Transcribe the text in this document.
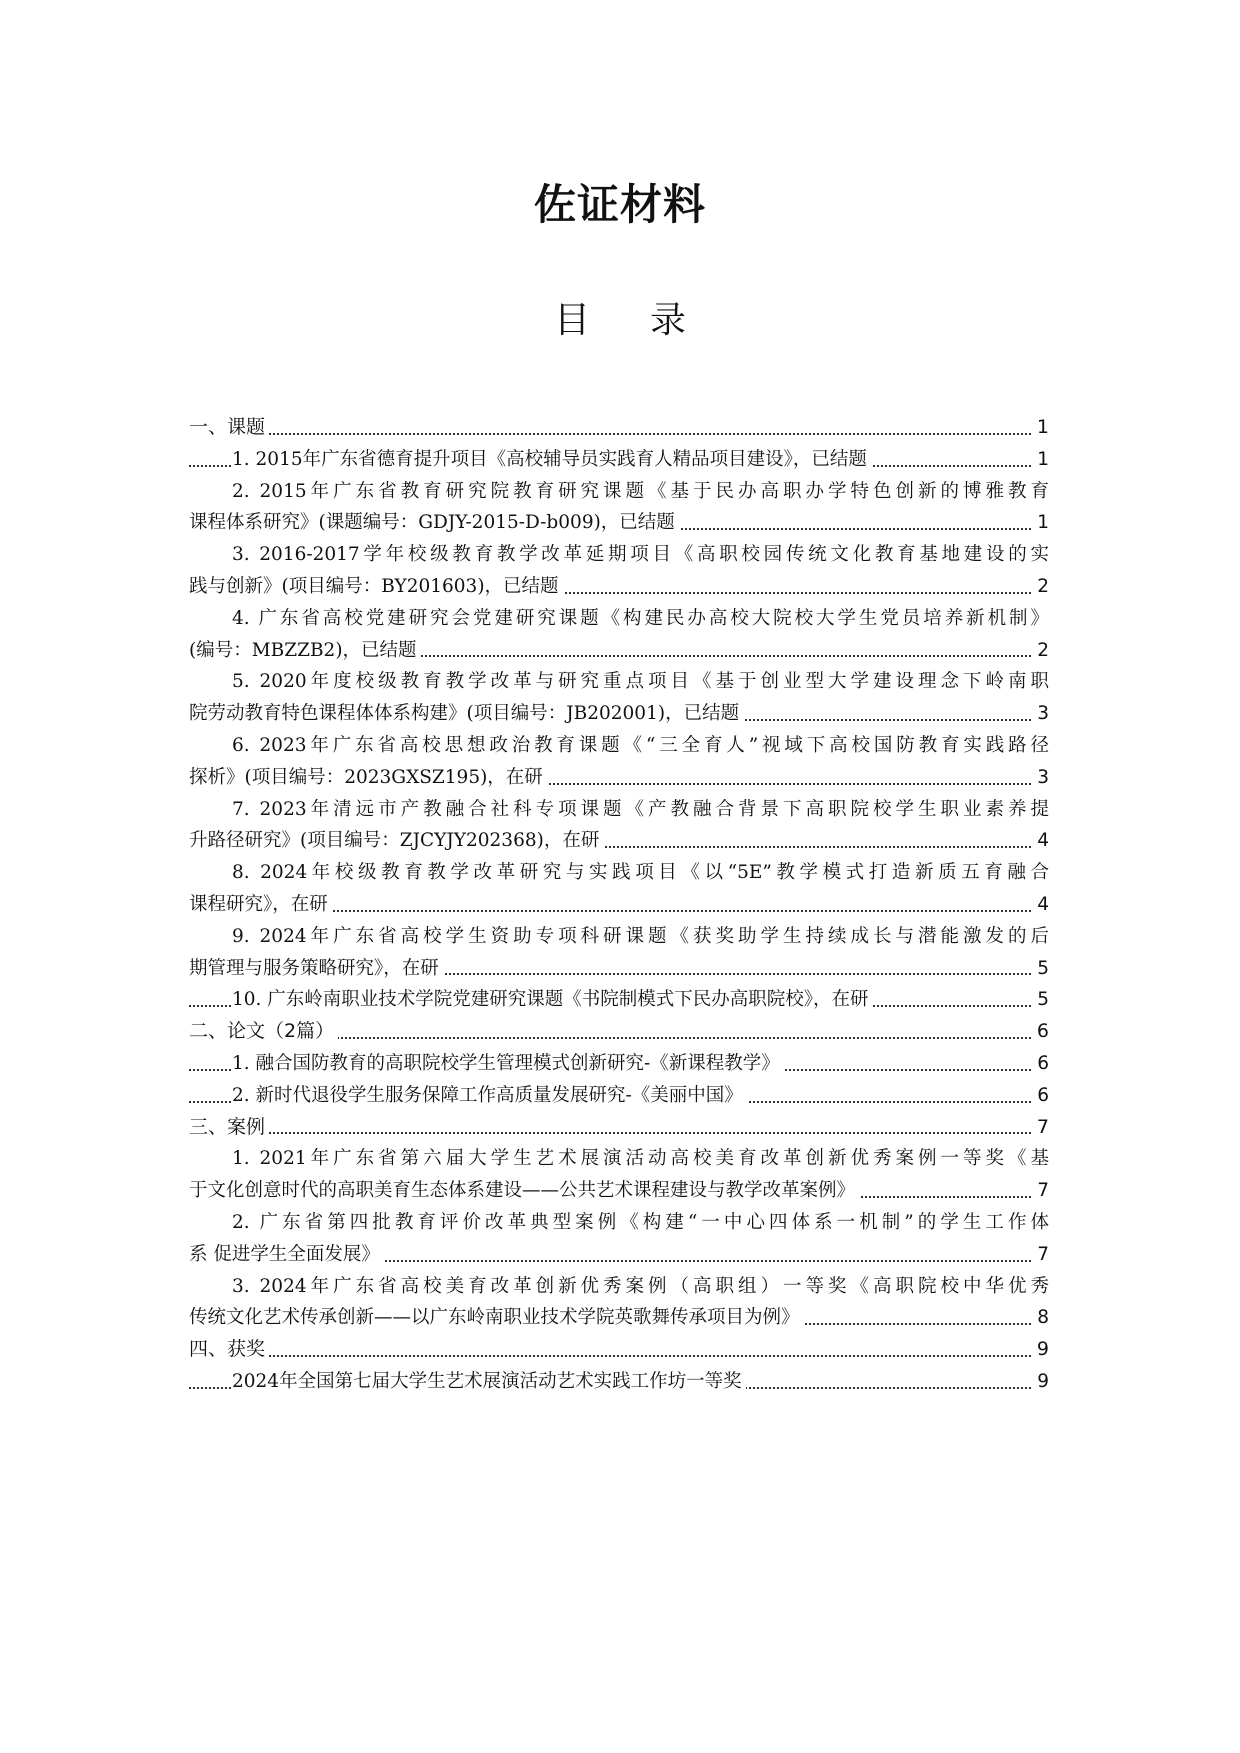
佐证材料
目录
一、课题	1
1. 2015年广东省德育提升项目《高校辅导员实践育人精品项目建设》，已结题	1
2. 2015年广东省教育研究院教育研究课题《基于民办高职办学特色创新的博雅教育
课程体系研究》(课题编号：GDJY-2015-D-b009)，已结题	1
3. 2016-2017学年校级教育教学改革延期项目《高职校园传统文化教育基地建设的实
践与创新》(项目编号：BY201603)，已结题	2
4. 广东省高校党建研究会党建研究课题《构建民办高校大院校大学生党员培养新机制》
(编号：MBZZB2)，已结题	2
5. 2020年度校级教育教学改革与研究重点项目《基于创业型大学建设理念下岭南职
院劳动教育特色课程体体系构建》(项目编号：JB202001)，已结题	3
6. 2023年广东省高校思想政治教育课题《“三全育人”视域下高校国防教育实践路径
探析》(项目编号：2023GXSZ195)，在研	3
7. 2023年清远市产教融合社科专项课题《产教融合背景下高职院校学生职业素养提
升路径研究》(项目编号：ZJCYJY202368)，在研	4
8. 2024年校级教育教学改革研究与实践项目《以“5E”教学模式打造新质五育融合
课程研究》，在研	4
9. 2024年广东省高校学生资助专项科研课题《获奖助学生持续成长与潜能激发的后
期管理与服务策略研究》，在研	5
10. 广东岭南职业技术学院党建研究课题《书院制模式下民办高职院校》，在研	5
二、论文（2篇）	6
1. 融合国防教育的高职院校学生管理模式创新研究-《新课程教学》	6
2. 新时代退役学生服务保障工作高质量发展研究-《美丽中国》	6
三、案例	7
1. 2021年广东省第六届大学生艺术展演活动高校美育改革创新优秀案例一等奖《基
于文化创意时代的高职美育生态体系建设——公共艺术课程建设与教学改革案例》	7
2. 广东省第四批教育评价改革典型案例《构建“一中心四体系一机制”的学生工作体
系 促进学生全面发展》	7
3. 2024年广东省高校美育改革创新优秀案例（高职组）一等奖《高职院校中华优秀
传统文化艺术传承创新——以广东岭南职业技术学院英歌舞传承项目为例》	8
四、获奖	9
2024年全国第七届大学生艺术展演活动艺术实践工作坊一等奖	9
